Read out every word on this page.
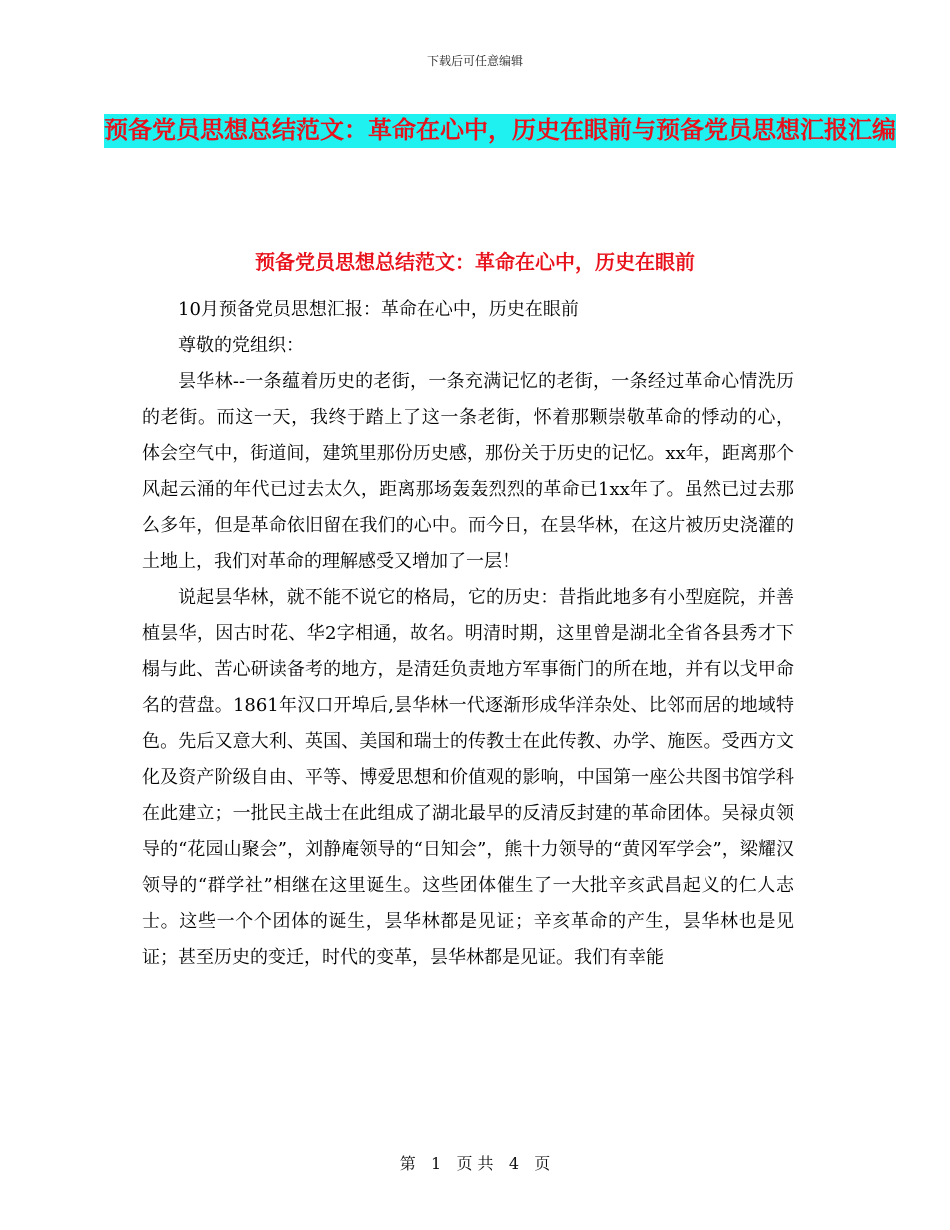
下载后可任意编辑
预备党员思想总结范文：革命在心中，历史在眼前与预备党员思想汇报汇编
预备党员思想总结范文：革命在心中，历史在眼前

10月预备党员思想汇报：革命在心中，历史在眼前

尊敬的党组织：

昙华林--一条蕴着历史的老街，一条充满记忆的老街，一条经过革命心情洗历的老街。而这一天，我终于踏上了这一条老街，怀着那颗崇敬革命的悸动的心， 体会空气中，街道间，建筑里那份历史感，那份关于历史的记忆。xx年，距离那个风起云涌的年代已过去太久，距离那场轰轰烈烈的革命已1xx年了。虽然已过去那么多年，但是革命依旧留在我们的心中。而今日，在昙华林，在这片被历史浇灌的土地上，我们对革命的理解感受又增加了一层！

说起昙华林，就不能不说它的格局，它的历史：昔指此地多有小型庭院，并善植昙华，因古时花、华2字相通，故名。明清时期，这里曾是湖北全省各县秀才下榻与此、苦心研读备考的地方，是清廷负责地方军事衙门的所在地，并有以戈甲命名的营盘。1861年汉口开埠后,昙华林一代逐渐形成华洋杂处、比邻而居的地域特色。先后又意大利、英国、美国和瑞士的传教士在此传教、办学、施医。受西方文化及资产阶级自由、平等、博爱思想和价值观的影响，中国第一座公共图书馆学科在此建立；一批民主战士在此组成了湖北最早的反清反封建的革命团体。吴禄贞领导的“花园山聚会”，刘静庵领导的“日知会”，熊十力领导的“黄冈军学会”，梁耀汉领导的“群学社”相继在这里诞生。这些团体催生了一大批辛亥武昌起义的仁人志士。这些一个个团体的诞生，昙华林都是见证；辛亥革命的产生，昙华林也是见证；甚至历史的变迁，时代的变革，昙华林都是见证。我们有幸能

第 1 页 共 4 页
